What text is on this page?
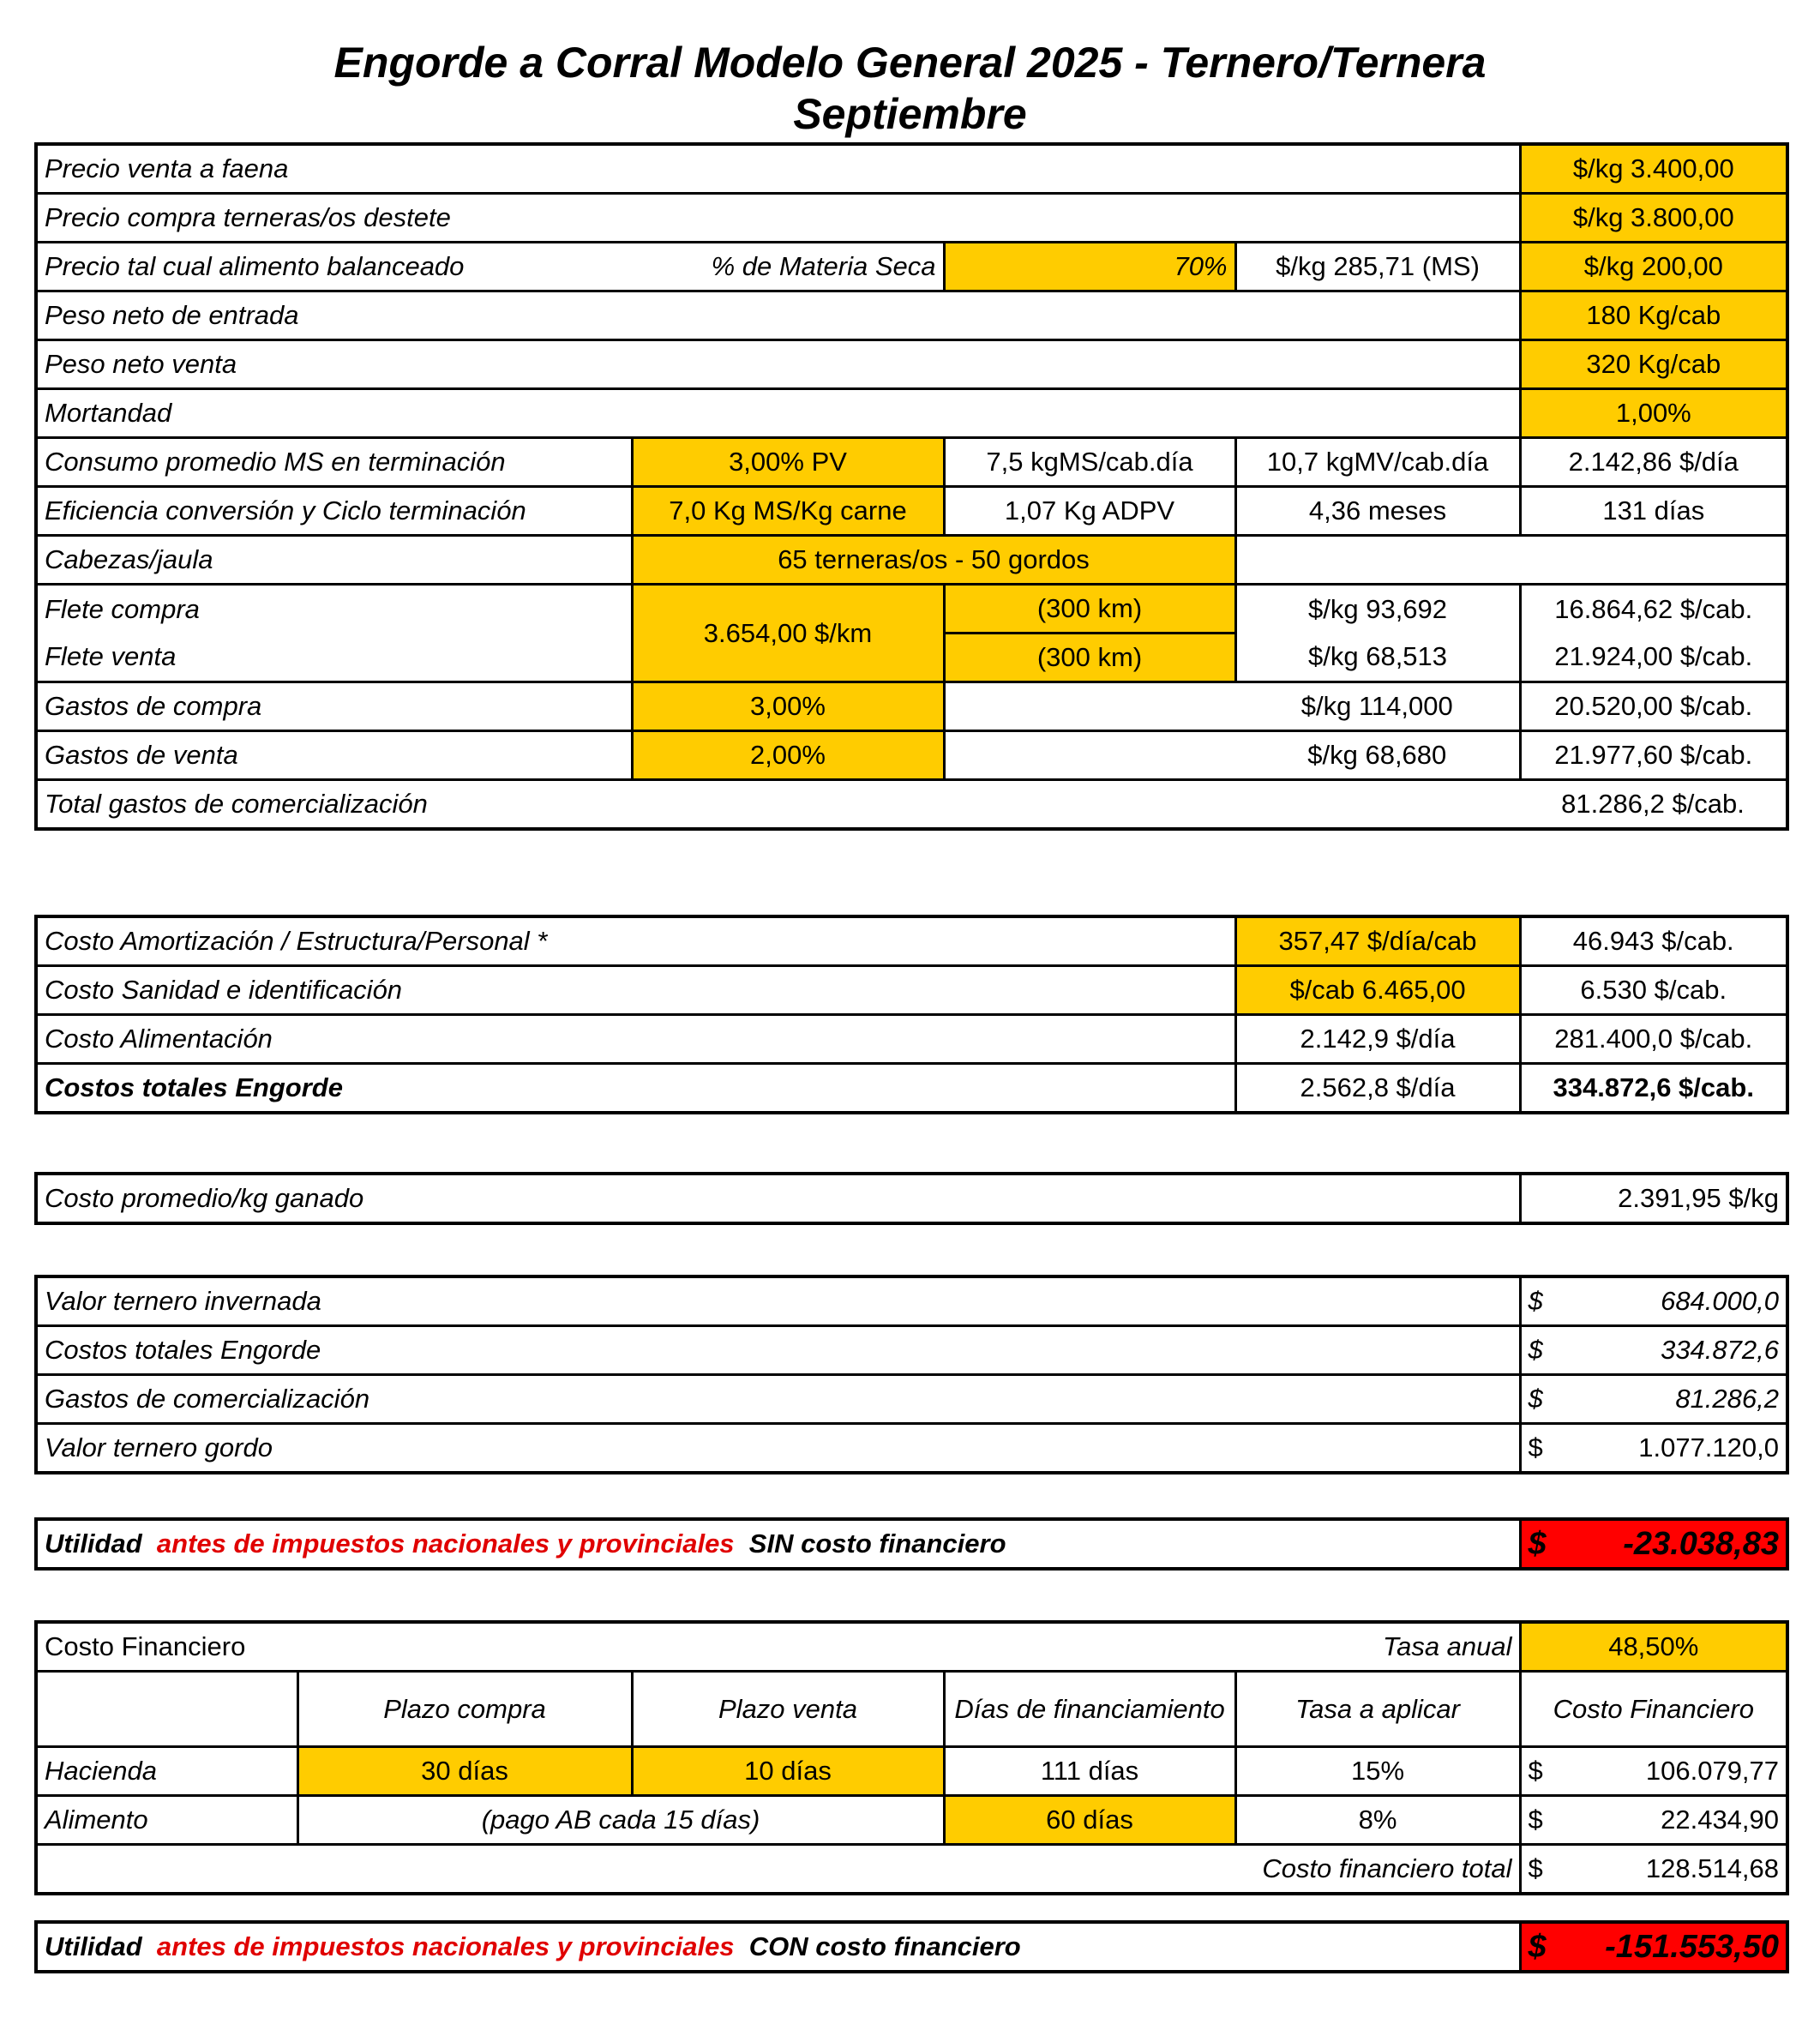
Engorde a Corral Modelo General 2025 - Ternero/Ternera
Septiembre
Precio venta a faena				$/kg 3.400,00
Precio compra terneras/os destete				$/kg 3.800,00
Precio tal cual alimento balanceado	% de Materia Seca	70%	$/kg 285,71 (MS)	$/kg 200,00
Peso neto de entrada				180 Kg/cab
Peso neto venta				320 Kg/cab
Mortandad				1,00%
Consumo promedio MS en terminación	3,00% PV	7,5 kgMS/cab.día	10,7 kgMV/cab.día	2.142,86 $/día
Eficiencia conversión y Ciclo terminación	7,0 Kg MS/Kg carne	1,07 Kg ADPV	4,36 meses	131 días
Cabezas/jaula	65 terneras/os - 50 gordos			
Flete compra	3.654,00 $/km	(300 km)	$/kg 93,692	16.864,62 $/cab.
Flete venta		(300 km)	$/kg 68,513	21.924,00 $/cab.
Gastos de compra	3,00%		$/kg 114,000	20.520,00 $/cab.
Gastos de venta	2,00%		$/kg 68,680	21.977,60 $/cab.
Total gastos de comercialización				81.286,2 $/cab.
Costo Amortización / Estructura/Personal *	357,47 $/día/cab	46.943 $/cab.
Costo Sanidad e identificación	$/cab 6.465,00	6.530 $/cab.
Costo Alimentación	2.142,9 $/día	281.400,0 $/cab.
Costos totales Engorde	2.562,8 $/día	334.872,6 $/cab.
Costo promedio/kg ganado	2.391,95 $/kg
Valor ternero invernada	$ 684.000,0

Costos totales Engorde	$ 334.872,6

Gastos de comercialización	$ 81.286,2

Valor ternero gordo	$ 1.077.120,0
Utilidad antes de impuestos nacionales y provinciales SIN costo financiero	$ -23.038,83
Costo Financiero			Tasa anual		48,50%
	Plazo compra	Plazo venta	Días de financiamiento	Tasa a aplicar	Costo Financiero
Hacienda	30 días	10 días	111 días	15%	$ 106.079,77

Alimento	(pago AB cada 15 días)		60 días	8%	$ 22.434,90

Costo financiero total					$ 128.514,68
Utilidad antes de impuestos nacionales y provinciales CON costo financiero	$ -151.553,50
